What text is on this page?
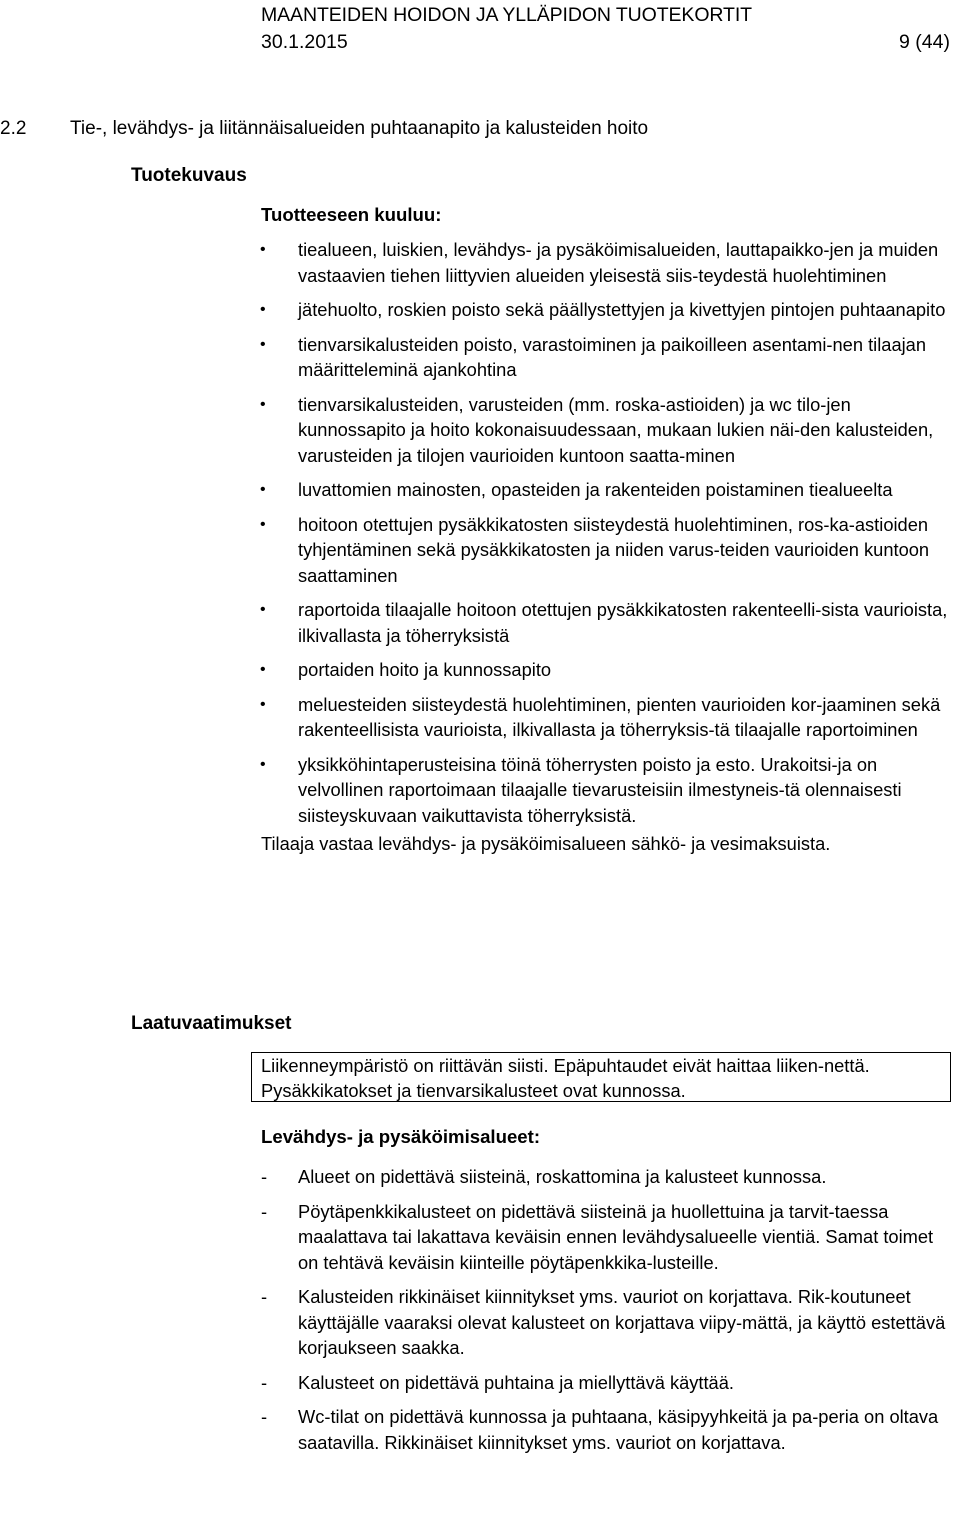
MAANTEIDEN HOIDON JA YLLÄPIDON TUOTEKORTIT

30.1.2015	9 (44)

2.2 Tie-, levähdys- ja liitännäisalueiden puhtaanapito ja kalusteiden hoito

Tuotekuvaus

Laatuvaatimukset

Tuotteeseen kuuluu:

• tiealueen, luiskien, levähdys- ja pysäköimisalueiden, lauttapaikko-jen ja muiden vastaavien tiehen liittyvien alueiden yleisestä siis-teydestä huolehtiminen
• jätehuolto, roskien poisto sekä päällystettyjen ja kivettyjen pintojen puhtaanapito
• tienvarsikalusteiden poisto, varastoiminen ja paikoilleen asentami-nen tilaajan määritteleminä ajankohtina
• tienvarsikalusteiden, varusteiden (mm. roska-astioiden) ja wc tilo-jen kunnossapito ja hoito kokonaisuudessaan, mukaan lukien näi-den kalusteiden, varusteiden ja tilojen vaurioiden kuntoon saatta-minen
• luvattomien mainosten, opasteiden ja rakenteiden poistaminen tiealueelta
• hoitoon otettujen pysäkkikatosten siisteydestä huolehtiminen, ros-ka-astioiden tyhjentäminen sekä pysäkkikatosten ja niiden varus-teiden vaurioiden kuntoon saattaminen
• raportoida tilaajalle hoitoon otettujen pysäkkikatosten rakenteelli-sista vaurioista, ilkivallasta ja töherryksistä
• portaiden hoito ja kunnossapito
• meluesteiden siisteydestä huolehtiminen, pienten vaurioiden kor-jaaminen sekä rakenteellisista vaurioista, ilkivallasta ja töherryksis-tä tilaajalle raportoiminen
• yksikköhintaperusteisina töinä töherrysten poisto ja esto. Urakoitsi-ja on velvollinen raportoimaan tilaajalle tievarusteisiin ilmestyneis-tä olennaisesti siisteyskuvaan vaikuttavista töherryksistä.

Tilaaja vastaa levähdys- ja pysäköimisalueen sähkö- ja vesimaksuista.

Liikenneympäristö on riittävän siisti. Epäpuhtaudet eivät haittaa liiken-nettä. Pysäkkikatokset ja tienvarsikalusteet ovat kunnossa.

Levähdys- ja pysäköimisalueet:

- Alueet on pidettävä siisteinä, roskattomina ja kalusteet kunnossa.
- Pöytäpenkkikalusteet on pidettävä siisteinä ja huollettuina ja tarvit-taessa maalattava tai lakattava keväisin ennen levähdysalueelle vientiä. Samat toimet on tehtävä keväisin kiinteille pöytäpenkkika-lusteille.
- Kalusteiden rikkinäiset kiinnitykset yms. vauriot on korjattava. Rik-koutuneet käyttäjälle vaaraksi olevat kalusteet on korjattava viipy-mättä, ja käyttö estettävä korjaukseen saakka.
- Kalusteet on pidettävä puhtaina ja miellyttävä käyttää.
- Wc-tilat on pidettävä kunnossa ja puhtaana, käsipyyhkeitä ja pa-peria on oltava saatavilla. Rikkinäiset kiinnitykset yms. vauriot on korjattava.
